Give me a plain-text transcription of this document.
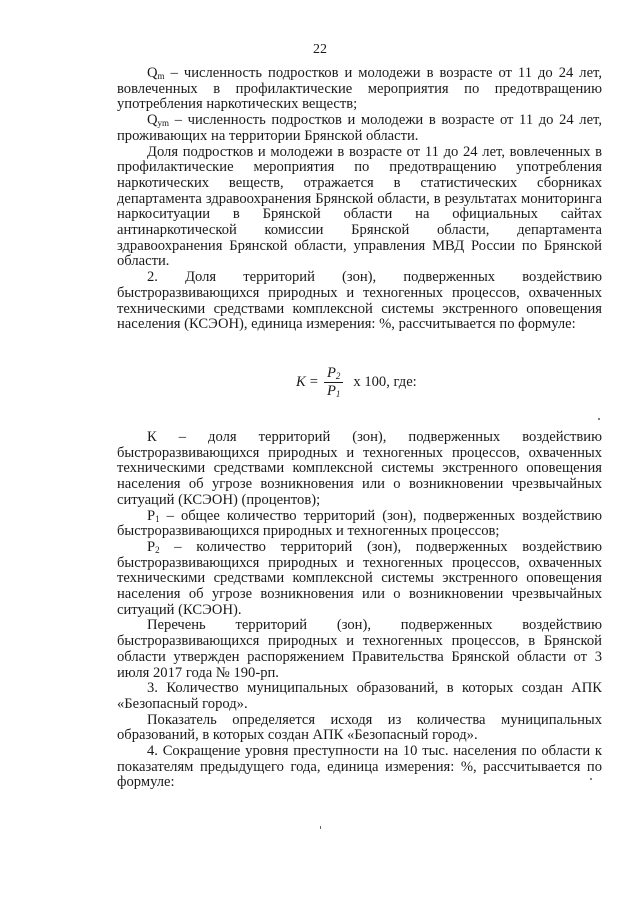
22

$Q_m$ – численность подростков и молодежи в возрасте от 11 до 24 лет, вовлеченных в профилактические мероприятия по предотвращению употребления наркотических веществ;

$Q_{ym}$ – численность подростков и молодежи в возрасте от 11 до 24 лет, проживающих на территории Брянской области.

Доля подростков и молодежи в возрасте от 11 до 24 лет, вовлеченных в профилактические мероприятия по предотвращению употребления наркотических веществ, отражается в статистических сборниках департамента здравоохранения Брянской области, в результатах мониторинга наркоситуации в Брянской области на официальных сайтах антинаркотической комиссии Брянской области, департамента здравоохранения Брянской области, управления МВД России по Брянской области.

2. Доля территорий (зон), подверженных воздействию быстроразвивающихся природных и техногенных процессов, охваченных техническими средствами комплексной системы экстренного оповещения населения (КСЭОН), единица измерения: %, рассчитывается по формуле:

$K = \frac{P_2}{P_1}$ х 100, где:

К – доля территорий (зон), подверженных воздействию быстроразвивающихся природных и техногенных процессов, охваченных техническими средствами комплексной системы экстренного оповещения населения об угрозе возникновения или о возникновении чрезвычайных ситуаций (КСЭОН) (процентов);

$P_1$ – общее количество территорий (зон), подверженных воздействию быстроразвивающихся природных и техногенных процессов;

$P_2$ – количество территорий (зон), подверженных воздействию быстроразвивающихся природных и техногенных процессов, охваченных техническими средствами комплексной системы экстренного оповещения населения об угрозе возникновения или о возникновении чрезвычайных ситуаций (КСЭОН).

Перечень территорий (зон), подверженных воздействию быстроразвивающихся природных и техногенных процессов, в Брянской области утвержден распоряжением Правительства Брянской области от 3 июля 2017 года № 190-рп.

3. Количество муниципальных образований, в которых создан АПК «Безопасный город».

Показатель определяется исходя из количества муниципальных образований, в которых создан АПК «Безопасный город».

4. Сокращение уровня преступности на 10 тыс. населения по области к показателям предыдущего года, единица измерения: %, рассчитывается по формуле:
